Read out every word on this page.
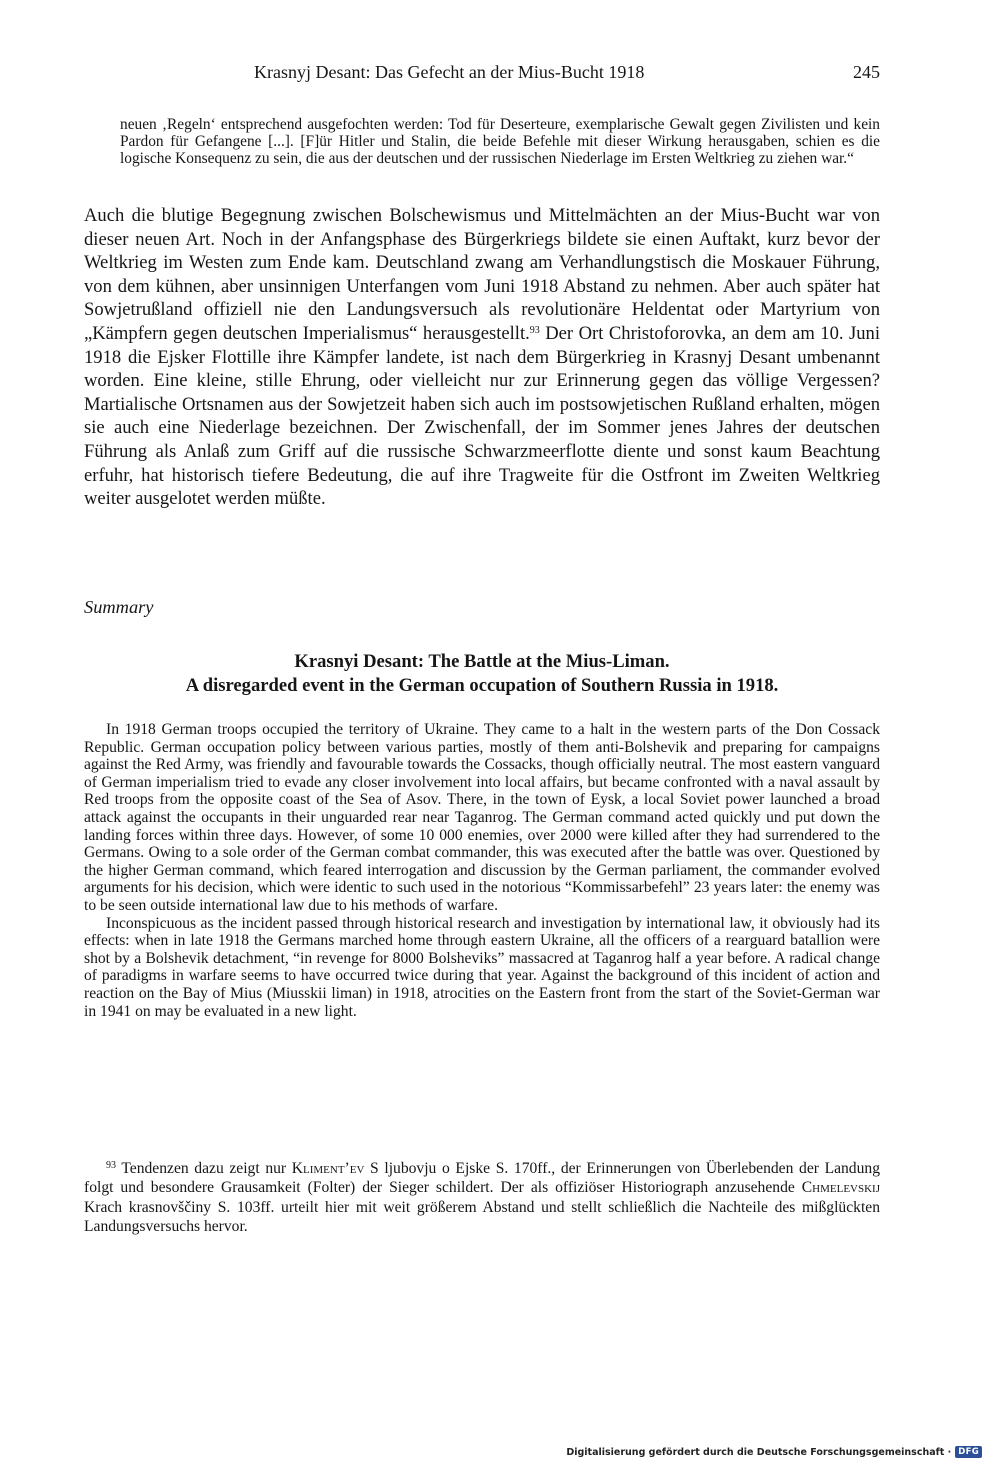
Krasnyj Desant: Das Gefecht an der Mius-Bucht 1918	245
neuen ‚Regeln‘ entsprechend ausgefochten werden: Tod für Deserteure, exemplarische Gewalt gegen Zivilisten und kein Pardon für Gefangene [...]. [F]ür Hitler und Stalin, die beide Befehle mit dieser Wirkung herausgaben, schien es die logische Konsequenz zu sein, die aus der deutschen und der russischen Niederlage im Ersten Weltkrieg zu ziehen war.“

Auch die blutige Begegnung zwischen Bolschewismus und Mittelmächten an der Mius-Bucht war von dieser neuen Art. Noch in der Anfangsphase des Bürgerkriegs bildete sie einen Auftakt, kurz bevor der Weltkrieg im Westen zum Ende kam. Deutschland zwang am Verhandlungstisch die Moskauer Führung, von dem kühnen, aber unsinnigen Unterfangen vom Juni 1918 Abstand zu nehmen. Aber auch später hat Sowjetrußland offiziell nie den Landungsversuch als revolutionäre Heldentat oder Martyrium von „Kämpfern gegen deutschen Imperialismus“ herausgestellt.$^{93}$ Der Ort Christoforovka, an dem am 10. Juni 1918 die Ejsker Flottille ihre Kämpfer landete, ist nach dem Bürgerkrieg in Krasnyj Desant umbenannt worden. Eine kleine, stille Ehrung, oder vielleicht nur zur Erinnerung gegen das völlige Vergessen? Martialische Ortsnamen aus der Sowjetzeit haben sich auch im postsowjetischen Rußland erhalten, mögen sie auch eine Niederlage bezeichnen. Der Zwischenfall, der im Sommer jenes Jahres der deutschen Führung als Anlaß zum Griff auf die russische Schwarzmeerflotte diente und sonst kaum Beachtung erfuhr, hat historisch tiefere Bedeutung, die auf ihre Tragweite für die Ostfront im Zweiten Weltkrieg weiter ausgelotet werden müßte.

Summary
Krasnyi Desant: The Battle at the Mius-Liman.
A disregarded event in the German occupation of Southern Russia in 1918.

In 1918 German troops occupied the territory of Ukraine. They came to a halt in the western parts of the Don Cossack Republic. German occupation policy between various parties, mostly of them anti-Bolshevik and preparing for campaigns against the Red Army, was friendly and favourable towards the Cossacks, though officially neutral. The most eastern vanguard of German imperialism tried to evade any closer involvement into local affairs, but became confronted with a naval assault by Red troops from the opposite coast of the Sea of Asov. There, in the town of Eysk, a local Soviet power launched a broad attack against the occupants in their unguarded rear near Taganrog. The German command acted quickly und put down the landing forces within three days. However, of some 10 000 enemies, over 2000 were killed after they had surrendered to the Germans. Owing to a sole order of the German combat commander, this was executed after the battle was over. Questioned by the higher German command, which feared interrogation and discussion by the German parliament, the commander evolved arguments for his decision, which were identic to such used in the notorious “Kommissarbefehl” 23 years later: the enemy was to be seen outside international law due to his methods of warfare.

Inconspicuous as the incident passed through historical research and investigation by international law, it obviously had its effects: when in late 1918 the Germans marched home through eastern Ukraine, all the officers of a rearguard batallion were shot by a Bolshevik detachment, “in revenge for 8000 Bolsheviks” massacred at Taganrog half a year before. A radical change of paradigms in warfare seems to have occurred twice during that year. Against the background of this incident of action and reaction on the Bay of Mius (Miusskii liman) in 1918, atrocities on the Eastern front from the start of the Soviet-German war in 1941 on may be evaluated in a new light.

$^{93}$ Tendenzen dazu zeigt nur Kliment’ev S ljubovju o Ejske S. 170ff., der Erinnerungen von Überlebenden der Landung folgt und besondere Grausamkeit (Folter) der Sieger schildert. Der als offiziöser Historiograph anzusehende Chmelevskij Krach krasnovščiny S. 103ff. urteilt hier mit weit größerem Abstand und stellt schließlich die Nachteile des mißglückten Landungsversuchs hervor.

Digitalisierung gefördert durch die Deutsche Forschungsgemeinschaft · DFG
